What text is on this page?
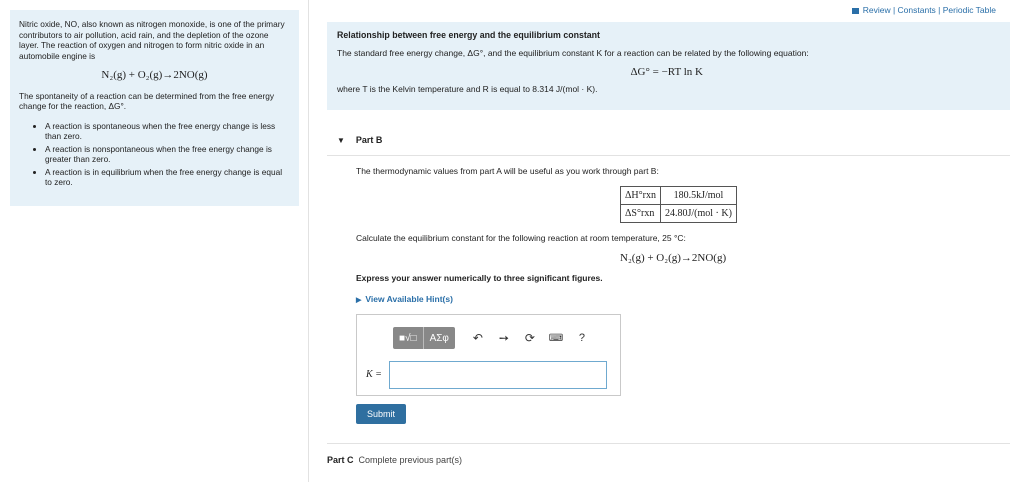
Nitric oxide, NO, also known as nitrogen monoxide, is one of the primary contributors to air pollution, acid rain, and the depletion of the ozone layer. The reaction of oxygen and nitrogen to form nitric oxide in an automobile engine is

N₂(g) + O₂(g)→2NO(g)

The spontaneity of a reaction can be determined from the free energy change for the reaction, ΔG°.

• A reaction is spontaneous when the free energy change is less than zero.
• A reaction is nonspontaneous when the free energy change is greater than zero.
• A reaction is in equilibrium when the free energy change is equal to zero.
Review | Constants | Periodic Table
Relationship between free energy and the equilibrium constant
The standard free energy change, ΔG°, and the equilibrium constant K for a reaction can be related by the following equation:
ΔG° = −RT ln K
where T is the Kelvin temperature and R is equal to 8.314 J/(mol · K).
▼ Part B
The thermodynamic values from part A will be useful as you work through part B:
ΔH°rxn	180.5kJ/mol
ΔS°rxn	24.80J/(mol · K)
Calculate the equilibrium constant for the following reaction at room temperature, 25 °C:
N₂(g) + O₂(g)→2NO(g)
Express your answer numerically to three significant figures.
▶ View Available Hint(s)
■√□	AΣφ	↶	➙	⟳	⌨	?
K =
Submit
Part C Complete previous part(s)
